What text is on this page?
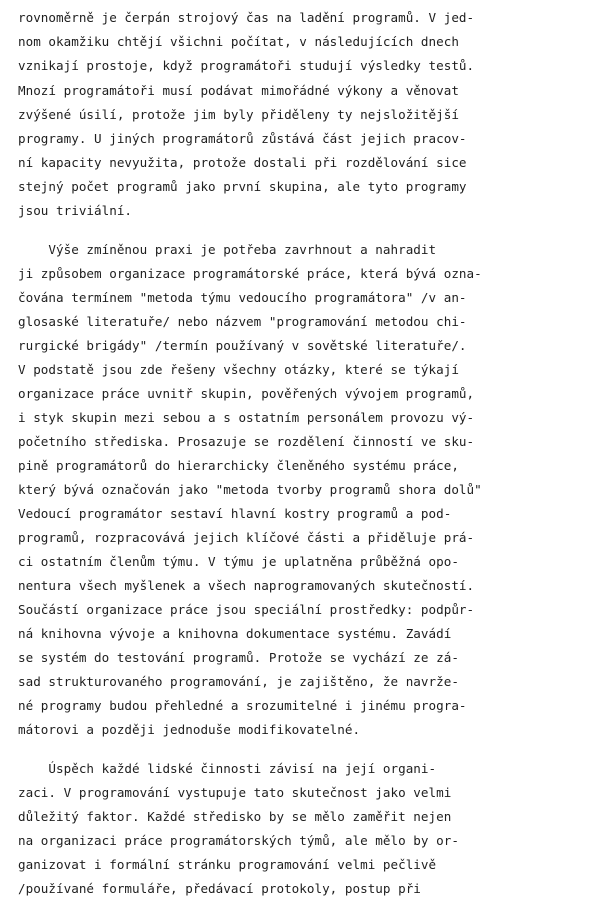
rovnoměrně je čerpán strojový čas na ladění programů. V jed-
nom okamžiku chtějí všichni počítat, v následujících dnech
vznikají prostoje, když programátoři studují výsledky testů.
Mnozí programátoři musí podávat mimořádné výkony a věnovat
zvýšené úsilí, protože jim byly přiděleny ty nejsložitější
programy. U jiných programátorů zůstává část jejich pracov-
ní kapacity nevyužita, protože dostali při rozdělování sice
stejný počet programů jako první skupina, ale tyto programy
jsou triviální.
Výše zmíněnou praxi je potřeba zavrhnout a nahradit
ji způsobem organizace programátorské práce, která bývá ozna-
čována termínem "metoda týmu vedoucího programátora" /v an-
glosaské literatuře/ nebo názvem "programování metodou chi-
rurgické brigády" /termín používaný v sovětské literatuře/.
V podstatě jsou zde řešeny všechny otázky, které se týkají
organizace práce uvnitř skupin, pověřených vývojem programů,
i styk skupin mezi sebou a s ostatním personálem provozu vý-
početního střediska. Prosazuje se rozdělení činností ve sku-
pině programátorů do hierarchicky členěného systému práce,
který bývá označován jako "metoda tvorby programů shora dolů"
Vedoucí programátor sestaví hlavní kostry programů a pod-
programů, rozpracovává jejich klíčové části a přiděluje prá-
ci ostatním členům týmu. V týmu je uplatněna průběžná opo-
nentura všech myšlenek a všech naprogramovaných skutečností.
Součástí organizace práce jsou speciální prostředky: podpůr-
ná knihovna vývoje a knihovna dokumentace systému. Zavádí
se systém do testování programů. Protože se vychází ze zá-
sad strukturovaného programování, je zajištěno, že navrže-
né programy budou přehledné a srozumitelné i jinému progra-
mátorovi a později jednoduše modifikovatelné.
Úspěch každé lidské činnosti závisí na její organi-
zaci. V programování vystupuje tato skutečnost jako velmi
důležitý faktor. Každé středisko by se mělo zaměřit nejen
na organizaci práce programátorských týmů, ale mělo by or-
ganizovat i formální stránku programování velmi pečlivě
/používané formuláře, předávací protokoly, postup při
